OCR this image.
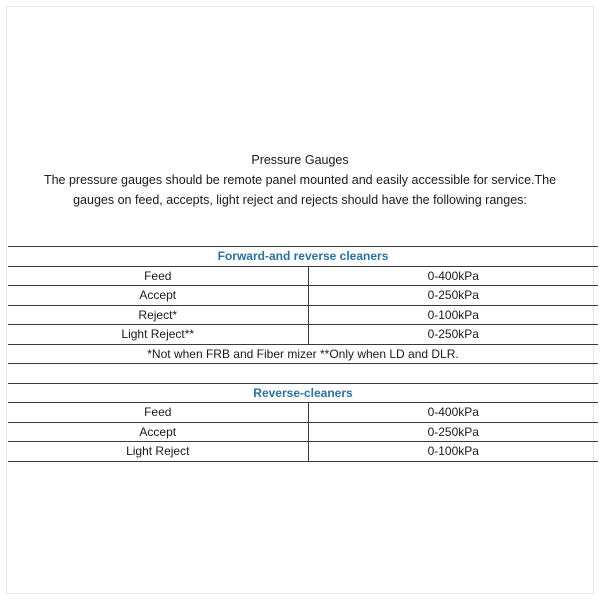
Pressure Gauges

The pressure gauges should be remote panel mounted and easily accessible for service.The

gauges on feed, accepts, light reject and rejects should have the following ranges:

Forward-and reverse cleaners	
Feed	0-400kPa
Accept	0-250kPa
Reject*	0-100kPa
Light Reject**	0-250kPa
*Not when FRB and Fiber mizer **Only when LD and DLR.	

Reverse-cleaners	
Feed	0-400kPa
Accept	0-250kPa
Light Reject	0-100kPa
